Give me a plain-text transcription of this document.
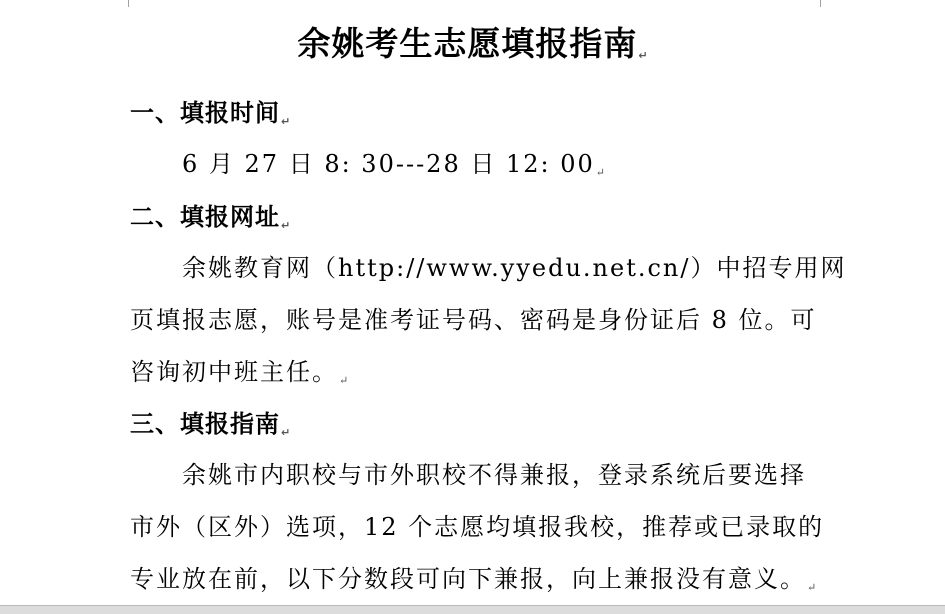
余姚考生志愿填报指南↵
一、填报时间↵
6 月 27 日 8: 30---28 日 12: 00↵
二、填报网址↵
余姚教育网（http://www.yyedu.net.cn/）中招专用网
页填报志愿，账号是准考证号码、密码是身份证后 8 位。可
咨询初中班主任。↵
三、填报指南↵
余姚市内职校与市外职校不得兼报，登录系统后要选择
市外（区外）选项，12 个志愿均填报我校，推荐或已录取的
专业放在前，以下分数段可向下兼报，向上兼报没有意义。↵
